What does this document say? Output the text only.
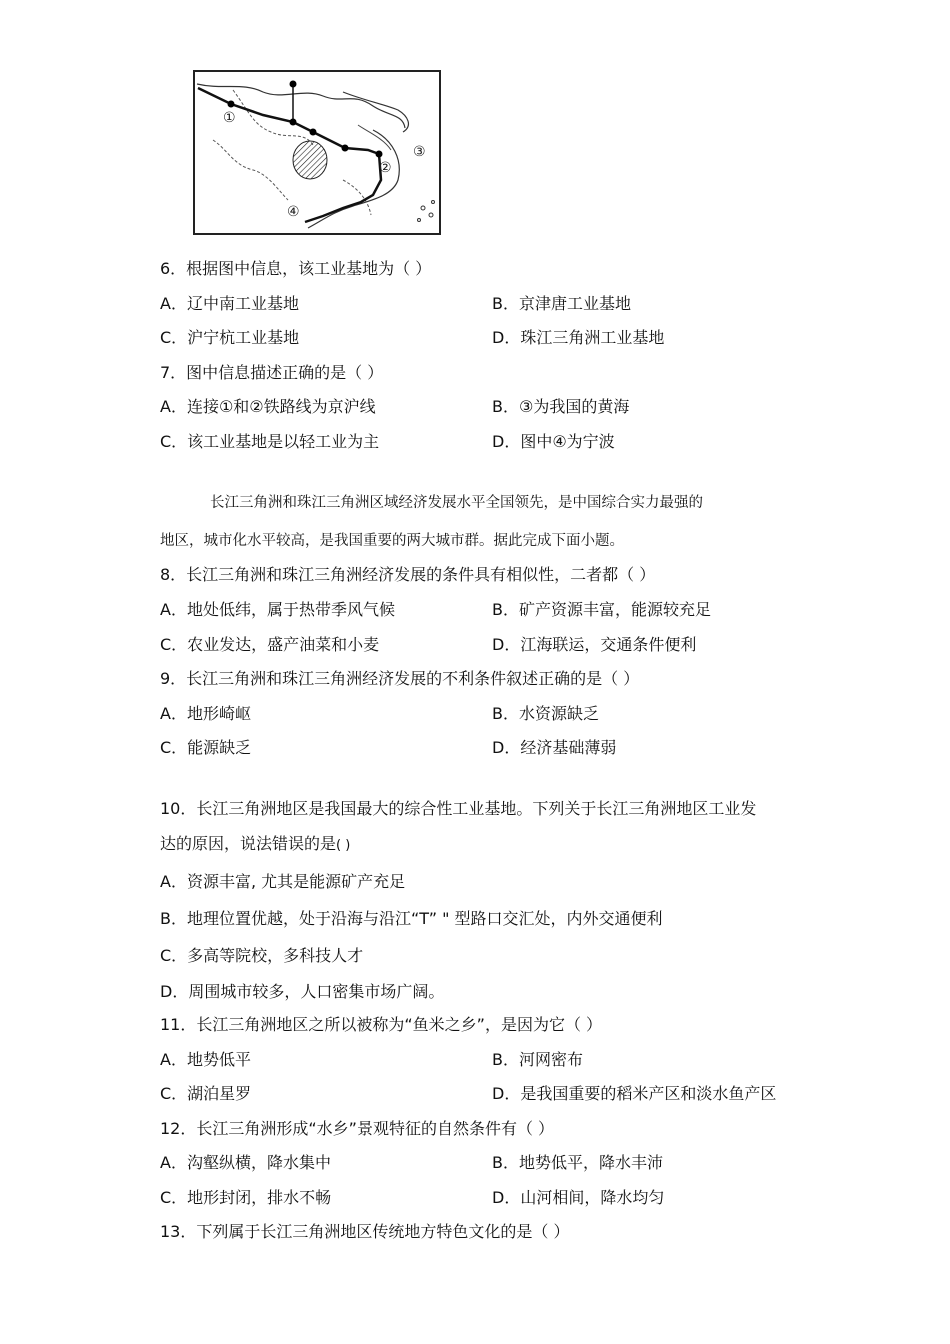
①
②
③
④
6．根据图中信息，该工业基地为（ ）
A．辽中南工业基地	B．京津唐工业基地
C．沪宁杭工业基地	D．珠江三角洲工业基地
7．图中信息描述正确的是（ ）
A．连接①和②铁路线为京沪线	B．③为我国的黄海
C．该工业基地是以轻工业为主	D．图中④为宁波
长江三角洲和珠江三角洲区域经济发展水平全国领先，是中国综合实力最强的
地区，城市化水平较高，是我国重要的两大城市群。据此完成下面小题。
8．长江三角洲和珠江三角洲经济发展的条件具有相似性，二者都（ ）
A．地处低纬，属于热带季风气候	B．矿产资源丰富，能源较充足
C．农业发达，盛产油菜和小麦	D．江海联运，交通条件便利
9．长江三角洲和珠江三角洲经济发展的不利条件叙述正确的是（ ）
A．地形崎岖	B．水资源缺乏
C．能源缺乏	D．经济基础薄弱
10．长江三角洲地区是我国最大的综合性工业基地。下列关于长江三角洲地区工业发
达的原因，说法错误的是( )
A．资源丰富, 尤其是能源矿产充足
B．地理位置优越，处于沿海与沿江“T” " 型路口交汇处，内外交通便利
C．多高等院校，多科技人才
D．周围城市较多，人口密集市场广阔。
11．长江三角洲地区之所以被称为“鱼米之乡”，是因为它（ ）
A．地势低平	B．河网密布
C．湖泊星罗	D．是我国重要的稻米产区和淡水鱼产区
12．长江三角洲形成“水乡”景观特征的自然条件有（ ）
A．沟壑纵横，降水集中	B．地势低平，降水丰沛
C．地形封闭，排水不畅	D．山河相间，降水均匀
13．下列属于长江三角洲地区传统地方特色文化的是（ ）
